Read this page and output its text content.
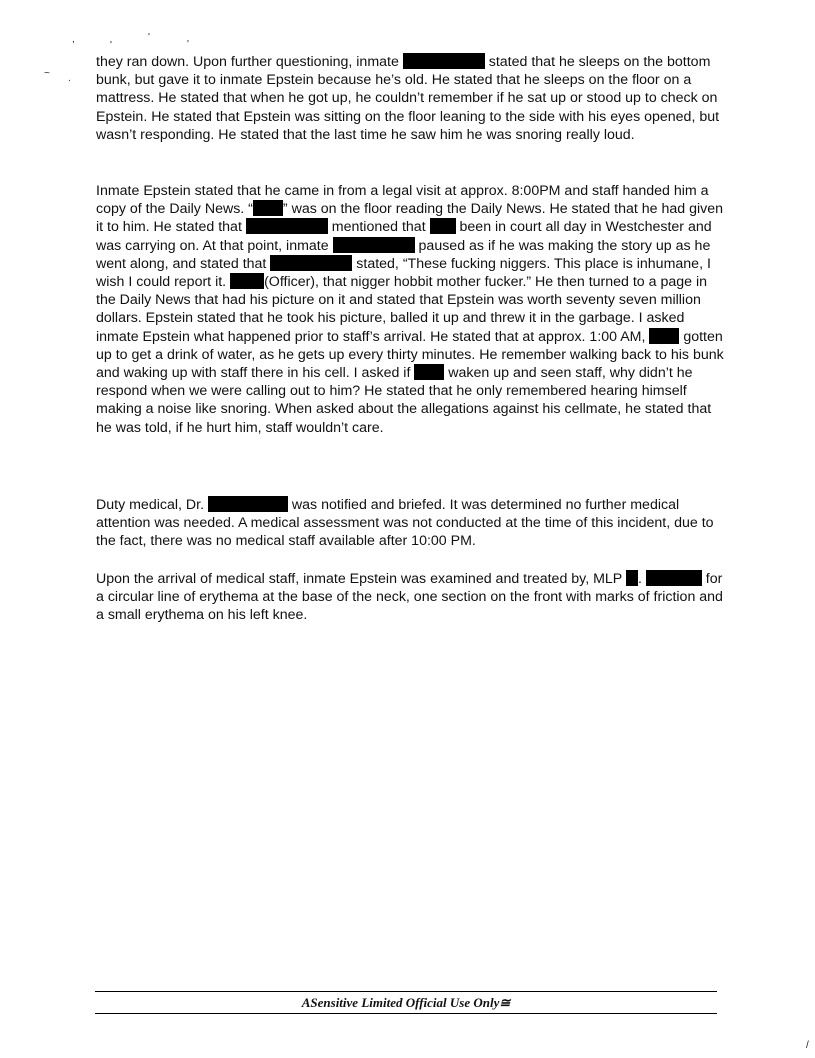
,
'
'
'
~ .
/

they ran down. Upon further questioning, inmate	stated that he sleeps on the bottom bunk, but gave it to inmate Epstein because he’s old. He stated that he sleeps on the floor on a mattress. He stated that when he got up, he couldn’t remember if he sat up or stood up to check on Epstein. He stated that Epstein was sitting on the floor leaning to the side with his eyes opened, but wasn’t responding. He stated that the last time he saw him he was snoring really loud.

Inmate Epstein stated that he came in from a legal visit at approx. 8:00PM and staff handed him a copy of the Daily News. “ ” was on the floor reading the Daily News. He stated that he had given it to him. He stated that	mentioned that  been in court all day in Westchester and was carrying on. At that point, inmate	paused as if he was making the story up as he went along, and stated that	stated, “These fucking niggers. This place is inhumane, I wish I could report it. (Officer), that nigger hobbit mother fucker.” He then turned to a page in the Daily News that had his picture on it and stated that Epstein was worth seventy seven million dollars. Epstein stated that he took his picture, balled it up and threw it in the garbage. I asked inmate Epstein what happened prior to staff’s arrival. He stated that at approx. 1:00 AM,  gotten up to get a drink of water, as he gets up every thirty minutes. He remember walking back to his bunk and waking up with staff there in his cell. I asked if  waken up and seen staff, why didn’t he respond when we were calling out to him? He stated that he only remembered hearing himself making a noise like snoring. When asked about the allegations against his cellmate, he stated that he was told, if he hurt him, staff wouldn’t care.

Duty medical, Dr.	was notified and briefed. It was determined no further medical attention was needed. A medical assessment was not conducted at the time of this incident, due to the fact, there was no medical staff available after 10:00 PM.

Upon the arrival of medical staff, inmate Epstein was examined and treated by, MLP .	for a circular line of erythema at the base of the neck, one section on the front with marks of friction and a small erythema on his left knee.

ASensitive Limited Official Use Only≅
